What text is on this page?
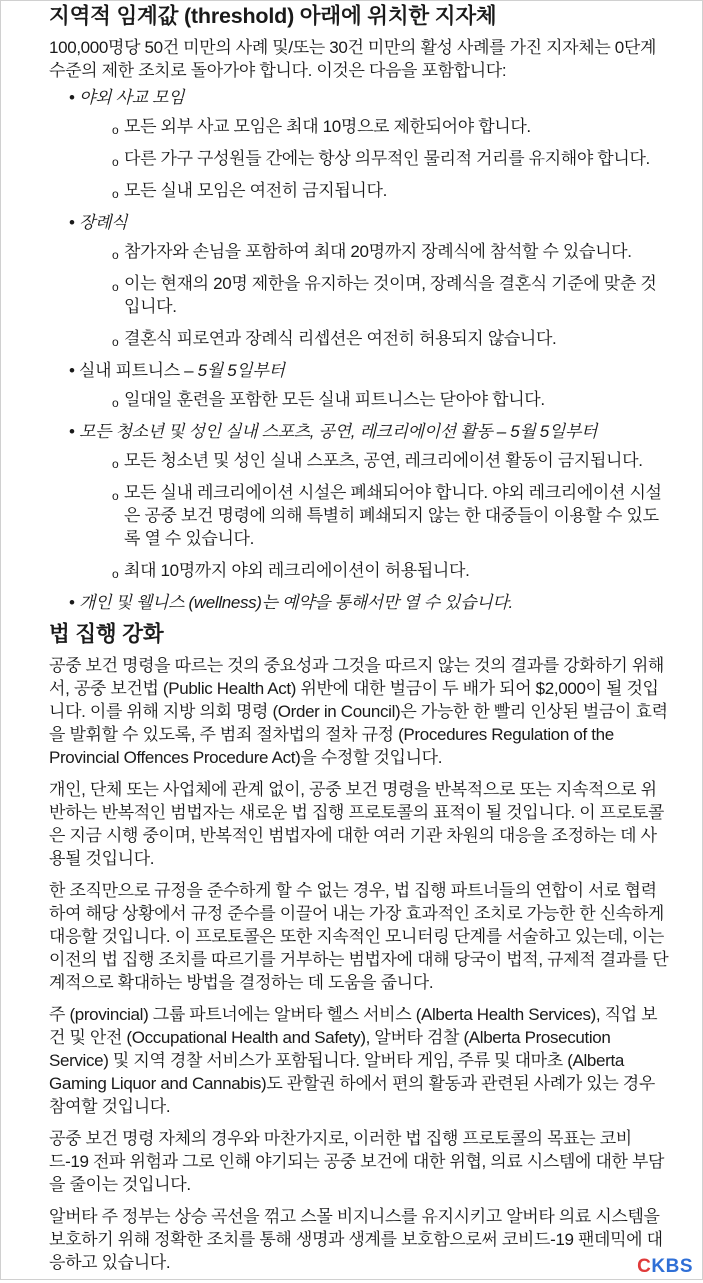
지역적 임계값 (threshold) 아래에 위치한 지자체

100,000명당 50건 미만의 사례 및/또는 30건 미만의 활성 사례를 가진 지자체는 0단계 수준의 제한 조치로 돌아가야 합니다. 이것은 다음을 포함합니다:

• 야외 사교 모임
o 모든 외부 사교 모임은 최대 10명으로 제한되어야 합니다.
o 다른 가구 구성원들 간에는 항상 의무적인 물리적 거리를 유지해야 합니다.
o 모든 실내 모임은 여전히 금지됩니다.
• 장례식
o 참가자와 손님을 포함하여 최대 20명까지 장례식에 참석할 수 있습니다.
o 이는 현재의 20명 제한을 유지하는 것이며, 장례식을 결혼식 기준에 맞춘 것입니다.
o 결혼식 피로연과 장례식 리셉션은 여전히 허용되지 않습니다.
• 실내 피트니스 – 5월 5일부터
o 일대일 훈련을 포함한 모든 실내 피트니스는 닫아야 합니다.
• 모든 청소년 및 성인 실내 스포츠, 공연, 레크리에이션 활동 – 5월 5일부터
o 모든 청소년 및 성인 실내 스포츠, 공연, 레크리에이션 활동이 금지됩니다.
o 모든 실내 레크리에이션 시설은 폐쇄되어야 합니다. 야외 레크리에이션 시설은 공중 보건 명령에 의해 특별히 폐쇄되지 않는 한 대중들이 이용할 수 있도록 열 수 있습니다.
o 최대 10명까지 야외 레크리에이션이 허용됩니다.
• 개인 및 웰니스 (wellness)는 예약을 통해서만 열 수 있습니다.
법 집행 강화

공중 보건 명령을 따르는 것의 중요성과 그것을 따르지 않는 것의 결과를 강화하기 위해서, 공중 보건법 (Public Health Act) 위반에 대한 벌금이 두 배가 되어 $2,000이 될 것입니다. 이를 위해 지방 의회 명령 (Order in Council)은 가능한 한 빨리 인상된 벌금이 효력을 발휘할 수 있도록, 주 범죄 절차법의 절차 규정 (Procedures Regulation of the Provincial Offences Procedure Act)을 수정할 것입니다.

개인, 단체 또는 사업체에 관계 없이, 공중 보건 명령을 반복적으로 또는 지속적으로 위반하는 반복적인 범법자는 새로운 법 집행 프로토콜의 표적이 될 것입니다. 이 프로토콜은 지금 시행 중이며, 반복적인 범법자에 대한 여러 기관 차원의 대응을 조정하는 데 사용될 것입니다.

한 조직만으로 규정을 준수하게 할 수 없는 경우, 법 집행 파트너들의 연합이 서로 협력하여 해당 상황에서 규정 준수를 이끌어 내는 가장 효과적인 조치로 가능한 한 신속하게 대응할 것입니다. 이 프로토콜은 또한 지속적인 모니터링 단계를 서술하고 있는데, 이는 이전의 법 집행 조치를 따르기를 거부하는 범법자에 대해 당국이 법적, 규제적 결과를 단계적으로 확대하는 방법을 결정하는 데 도움을 줍니다.

주 (provincial) 그룹 파트너에는 알버타 헬스 서비스 (Alberta Health Services), 직업 보건 및 안전 (Occupational Health and Safety), 알버타 검찰 (Alberta Prosecution Service) 및 지역 경찰 서비스가 포함됩니다. 알버타 게임, 주류 및 대마초 (Alberta Gaming Liquor and Cannabis)도 관할권 하에서 편의 활동과 관련된 사례가 있는 경우 참여할 것입니다.

공중 보건 명령 자체의 경우와 마찬가지로, 이러한 법 집행 프로토콜의 목표는 코비드-19 전파 위험과 그로 인해 야기되는 공중 보건에 대한 위협, 의료 시스템에 대한 부담을 줄이는 것입니다.

알버타 주 정부는 상승 곡선을 꺾고 스몰 비지니스를 유지시키고 알버타 의료 시스템을 보호하기 위해 정확한 조치를 통해 생명과 생계를 보호함으로써 코비드-19 팬데믹에 대응하고 있습니다.	CKBS
